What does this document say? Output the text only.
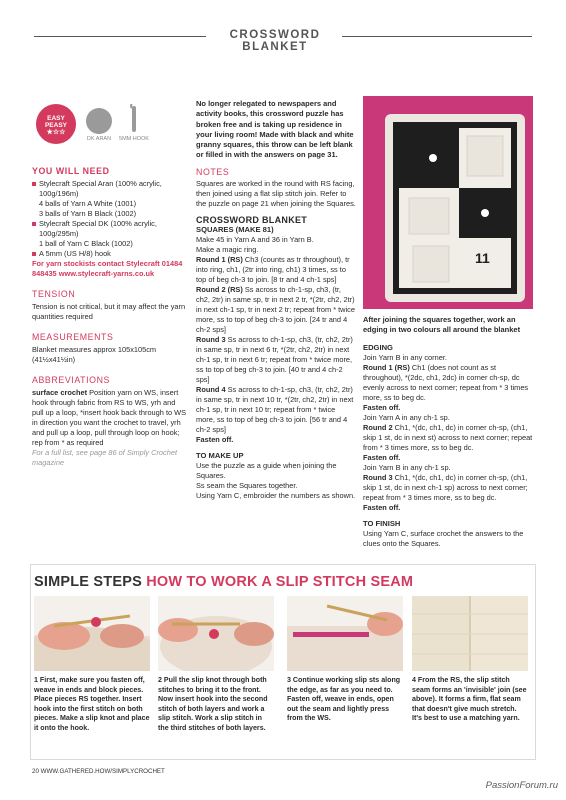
CROSSWORD BLANKET
EASY PEASY
★☆☆
DK ARAN	5MM HOOK
YOU WILL NEED
Stylecraft Special Aran (100% acrylic, 100g/196m)
4 balls of Yarn A White (1001)
3 balls of Yarn B Black (1002)
Stylecraft Special DK (100% acrylic, 100g/295m)
1 ball of Yarn C Black (1002)
A 5mm (US H/8) hook
For yarn stockists contact Stylecraft 01484 848435 www.stylecraft-yarns.co.uk
TENSION
Tension is not critical, but it may affect the yarn quantities required
MEASUREMENTS
Blanket measures approx 105x105cm (41½x41½in)
ABBREVIATIONS
surface crochet Position yarn on WS, insert hook through fabric from RS to WS, yrh and pull up a loop, *insert hook back through to WS in direction you want the crochet to travel, yrh and pull up a loop, pull through loop on hook; rep from * as required
For a full list, see page 86 of Simply Crochet magazine
No longer relegated to newspapers and activity books, this crossword puzzle has broken free and is taking up residence in your living room! Made with black and white granny squares, this throw can be left blank or filled in with the answers on page 31.
NOTES
Squares are worked in the round with RS facing, then joined using a flat slip stitch join. Refer to the puzzle on page 21 when joining the Squares.
CROSSWORD BLANKET
SQUARES (MAKE 81)
Make 45 in Yarn A and 36 in Yarn B.
Make a magic ring.
Round 1 (RS) Ch3 (counts as tr throughout), tr into ring, ch1, (2tr into ring, ch1) 3 times, ss to top of beg ch-3 to join. [8 tr and 4 ch-1 sps]
Round 2 (RS) Ss across to ch-1-sp, ch3, (tr, ch2, 2tr) in same sp, tr in next 2 tr, *(2tr, ch2, 2tr) in next ch-1 sp, tr in next 2 tr; repeat from * twice more, ss to top of beg ch-3 to join. [24 tr and 4 ch-2 sps]
Round 3 Ss across to ch-1-sp, ch3, (tr, ch2, 2tr) in same sp, tr in next 6 tr, *(2tr, ch2, 2tr) in next ch-1 sp, tr in next 6 tr; repeat from * twice more, ss to top of beg ch-3 to join. [40 tr and 4 ch-2 sps]
Round 4 Ss across to ch-1-sp, ch3, (tr, ch2, 2tr) in same sp, tr in next 10 tr, *(2tr, ch2, 2tr) in next ch-1 sp, tr in next 10 tr; repeat from * twice more, ss to top of beg ch-3 to join. [56 tr and 4 ch-2 sps]
Fasten off.
TO MAKE UP
Use the puzzle as a guide when joining the Squares.
Ss seam the Squares together.
Using Yarn C, embroider the numbers as shown.
11
After joining the squares together, work an edging in two colours all around the blanket
EDGING
Join Yarn B in any corner.
Round 1 (RS) Ch1 (does not count as st throughout), *(2dc, ch1, 2dc) in corner ch-sp, dc evenly across to next corner; repeat from * 3 times more, ss to beg dc.
Fasten off.
Join Yarn A in any ch-1 sp.
Round 2 Ch1, *(dc, ch1, dc) in corner ch-sp, (ch1, skip 1 st, dc in next st) across to next corner; repeat from * 3 times more, ss to beg dc.
Fasten off.
Join Yarn B in any ch-1 sp.
Round 3 Ch1, *(dc, ch1, dc) in corner ch-sp, (ch1, skip 1 st, dc in next ch-1 sp) across to next corner; repeat from * 3 times more, ss to beg dc.
Fasten off.
TO FINISH
Using Yarn C, surface crochet the answers to the clues onto the Squares.
SIMPLE STEPS HOW TO WORK A SLIP STITCH SEAM
1 First, make sure you fasten off, weave in ends and block pieces. Place pieces RS together. Insert hook into the first stitch on both pieces. Make a slip knot and place it onto the hook.
2 Pull the slip knot through both stitches to bring it to the front. Now insert hook into the second stitch of both layers and work a slip stitch. Work a slip stitch in the third stitches of both layers.
3 Continue working slip sts along the edge, as far as you need to. Fasten off, weave in ends, open out the seam and lightly press from the WS.
4 From the RS, the slip stitch seam forms an 'invisible' join (see above). It forms a firm, flat seam that doesn't give much stretch. It's best to use a matching yarn.
20 WWW.GATHERED.HOW/SIMPLYCROCHET
PassionForum.ru
